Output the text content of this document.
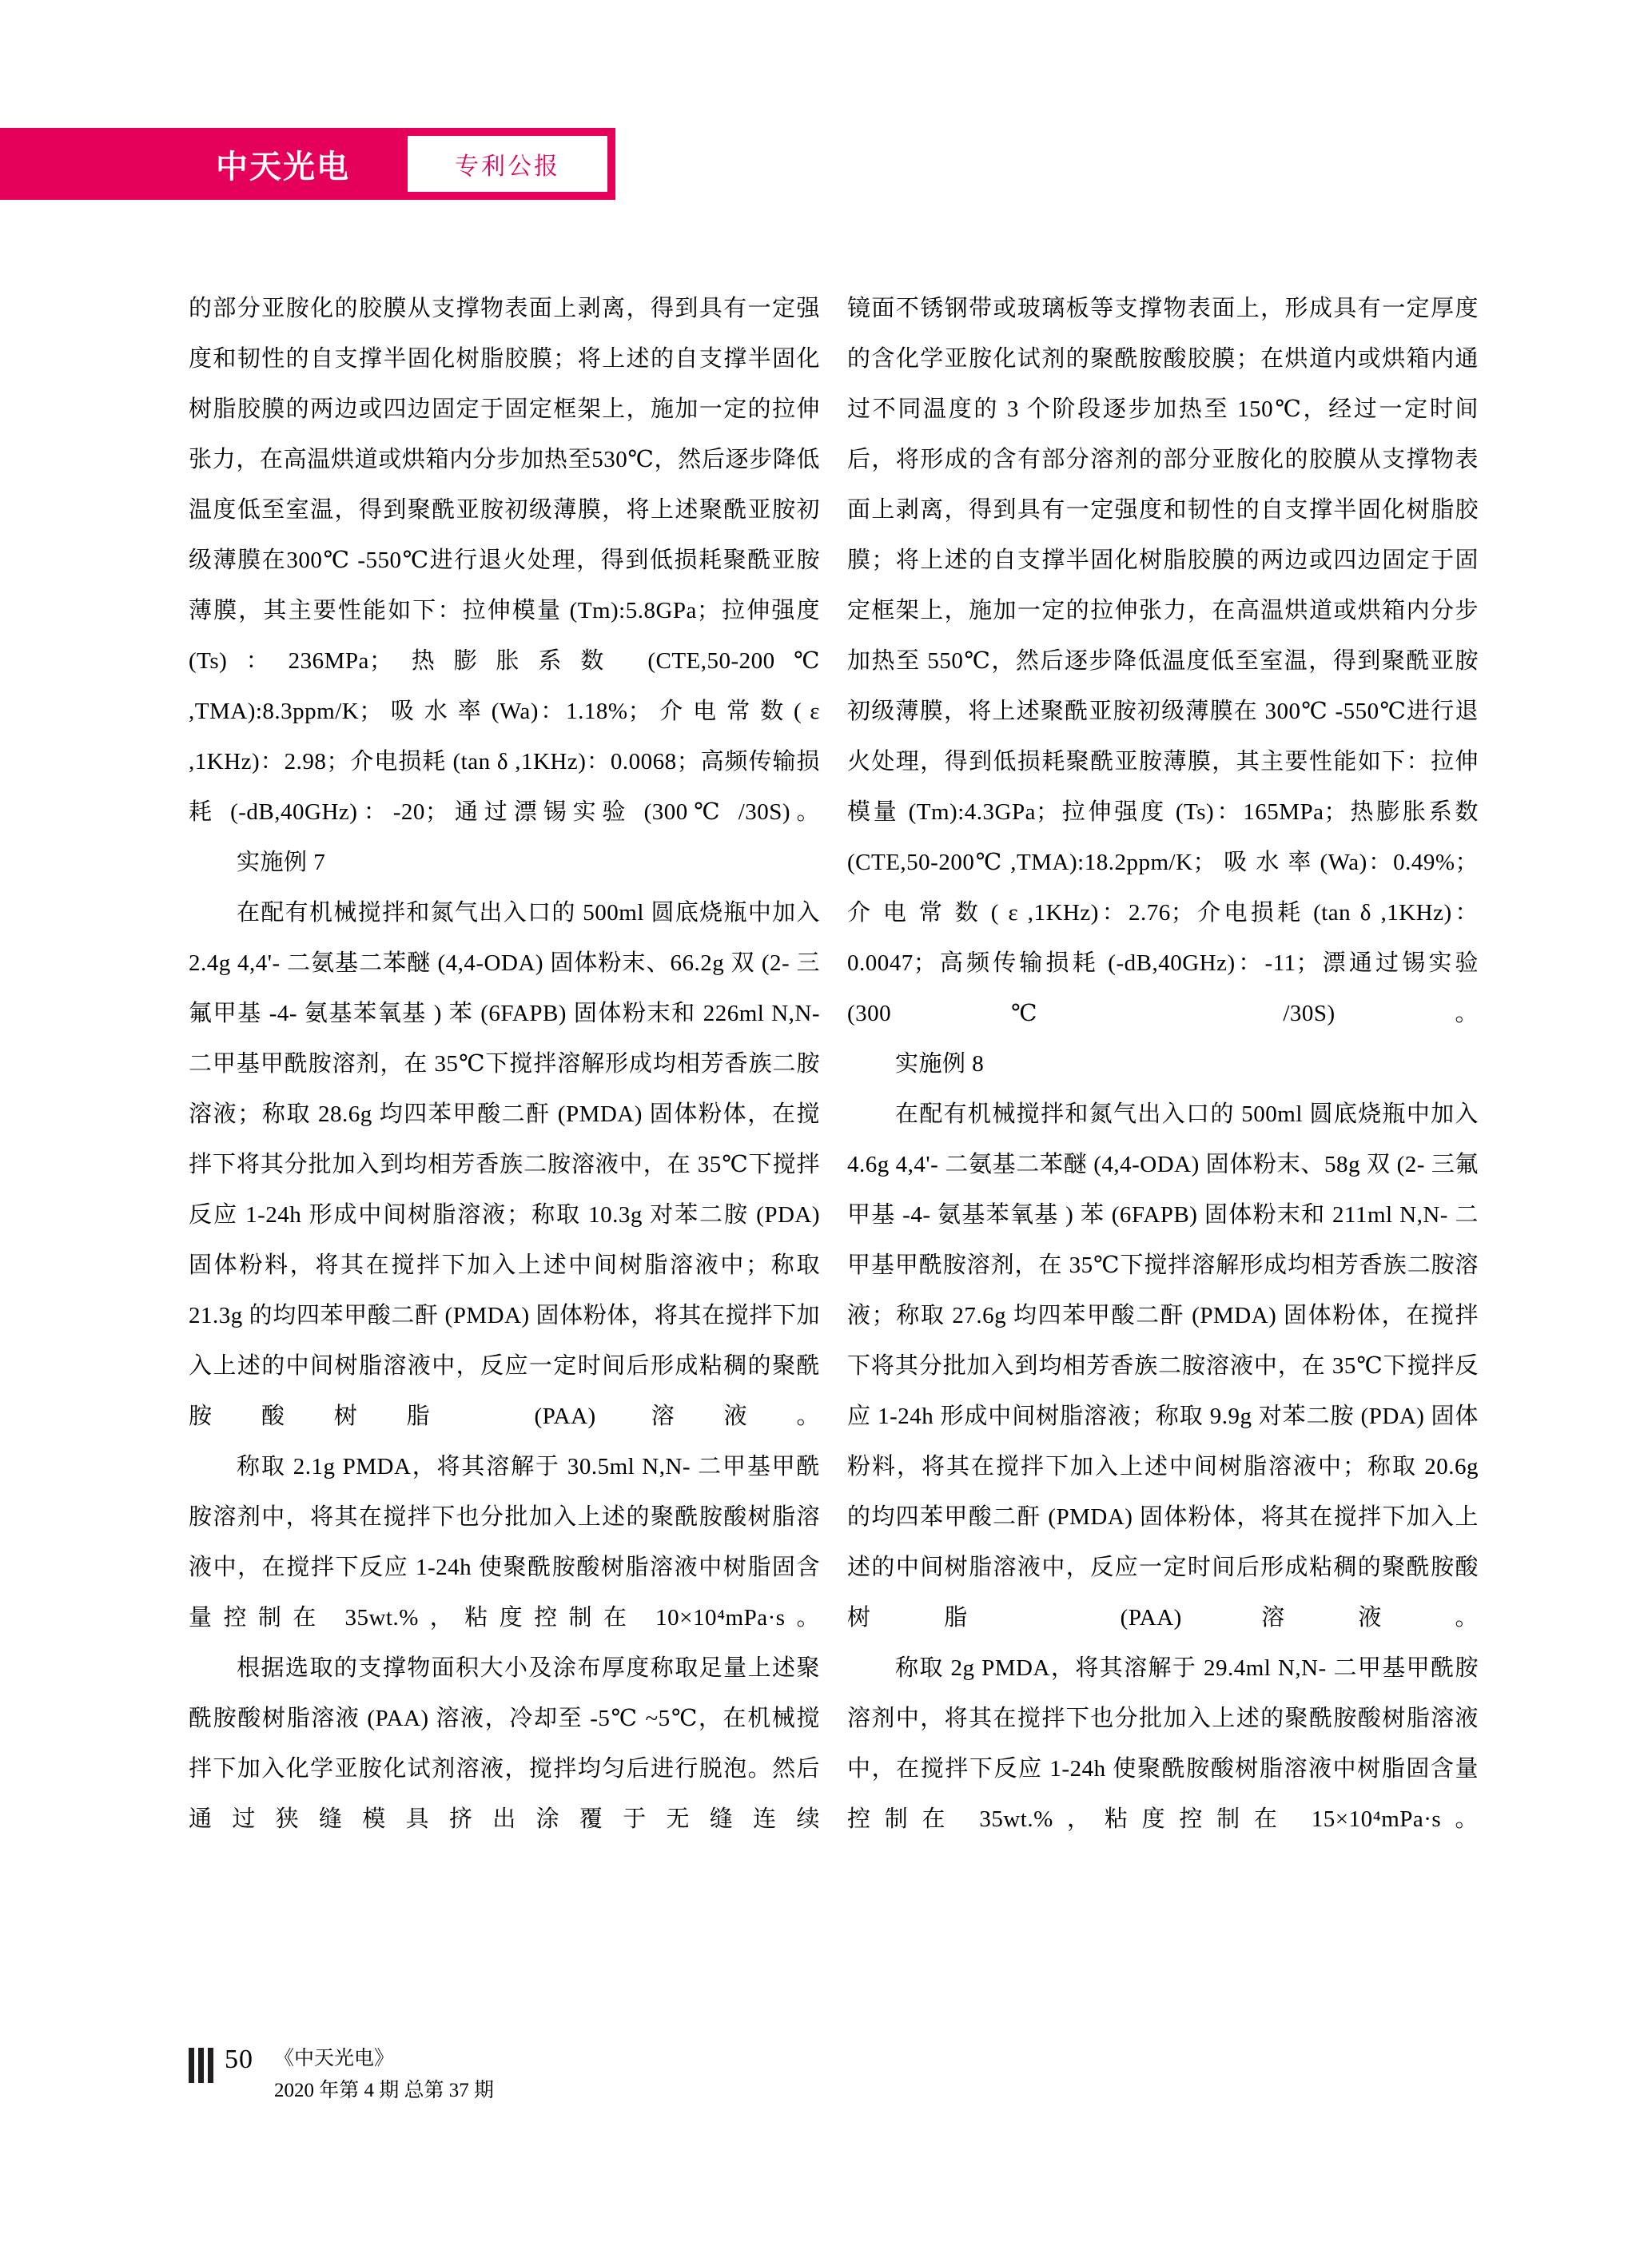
中天光电	专利公报

的部分亚胺化的胶膜从支撑物表面上剥离，得到具有一定强度和韧性的自支撑半固化树脂胶膜；将上述的自支撑半固化树脂胶膜的两边或四边固定于固定框架上，施加一定的拉伸张力，在高温烘道或烘箱内分步加热至530℃，然后逐步降低温度低至室温，得到聚酰亚胺初级薄膜，将上述聚酰亚胺初级薄膜在300℃ -550℃进行退火处理，得到低损耗聚酰亚胺薄膜，其主要性能如下：拉伸模量 (Tm):5.8GPa；拉伸强度 (Ts)：236MPa；热膨胀系数 (CTE,50-200℃ ,TMA):8.3ppm/K； 吸 水 率 (Wa)：1.18%； 介 电 常 数 ( ε ,1KHz)：2.98；介电损耗 (tan δ ,1KHz)：0.0068；高频传输损耗 (-dB,40GHz)：-20；通过漂锡实验 (300℃ /30S)。

实施例 7

在配有机械搅拌和氮气出入口的 500ml 圆底烧瓶中加入 2.4g 4,4'- 二氨基二苯醚 (4,4-ODA) 固体粉末、66.2g 双 (2- 三氟甲基 -4- 氨基苯氧基 ) 苯 (6FAPB) 固体粉末和 226ml N,N- 二甲基甲酰胺溶剂，在 35℃下搅拌溶解形成均相芳香族二胺溶液；称取 28.6g 均四苯甲酸二酐 (PMDA) 固体粉体，在搅拌下将其分批加入到均相芳香族二胺溶液中，在 35℃下搅拌反应 1-24h 形成中间树脂溶液；称取 10.3g 对苯二胺 (PDA) 固体粉料，将其在搅拌下加入上述中间树脂溶液中；称取 21.3g 的均四苯甲酸二酐 (PMDA) 固体粉体，将其在搅拌下加入上述的中间树脂溶液中，反应一定时间后形成粘稠的聚酰胺酸树脂 (PAA) 溶液。

称取 2.1g PMDA，将其溶解于 30.5ml N,N- 二甲基甲酰胺溶剂中，将其在搅拌下也分批加入上述的聚酰胺酸树脂溶液中，在搅拌下反应 1-24h 使聚酰胺酸树脂溶液中树脂固含量控制在 35wt.%，粘度控制在 10×10⁴mPa·s。

根据选取的支撑物面积大小及涂布厚度称取足量上述聚酰胺酸树脂溶液 (PAA) 溶液，冷却至 -5℃ ~5℃，在机械搅拌下加入化学亚胺化试剂溶液，搅拌均匀后进行脱泡。然后通过狭缝模具挤出涂覆于无缝连续

镜面不锈钢带或玻璃板等支撑物表面上，形成具有一定厚度的含化学亚胺化试剂的聚酰胺酸胶膜；在烘道内或烘箱内通过不同温度的 3 个阶段逐步加热至 150℃，经过一定时间后，将形成的含有部分溶剂的部分亚胺化的胶膜从支撑物表面上剥离，得到具有一定强度和韧性的自支撑半固化树脂胶膜；将上述的自支撑半固化树脂胶膜的两边或四边固定于固定框架上，施加一定的拉伸张力，在高温烘道或烘箱内分步加热至 550℃，然后逐步降低温度低至室温，得到聚酰亚胺初级薄膜，将上述聚酰亚胺初级薄膜在 300℃ -550℃进行退火处理，得到低损耗聚酰亚胺薄膜，其主要性能如下：拉伸模量 (Tm):4.3GPa；拉伸强度 (Ts)：165MPa；热膨胀系数 (CTE,50-200℃ ,TMA):18.2ppm/K； 吸 水 率 (Wa)：0.49%； 介 电 常 数 ( ε ,1KHz)：2.76；介电损耗 (tan δ ,1KHz)：0.0047；高频传输损耗 (-dB,40GHz)：-11；漂通过锡实验 (300℃ /30S)。

实施例 8

在配有机械搅拌和氮气出入口的 500ml 圆底烧瓶中加入 4.6g 4,4'- 二氨基二苯醚 (4,4-ODA) 固体粉末、58g 双 (2- 三氟甲基 -4- 氨基苯氧基 ) 苯 (6FAPB) 固体粉末和 211ml N,N- 二甲基甲酰胺溶剂，在 35℃下搅拌溶解形成均相芳香族二胺溶液；称取 27.6g 均四苯甲酸二酐 (PMDA) 固体粉体，在搅拌下将其分批加入到均相芳香族二胺溶液中，在 35℃下搅拌反应 1-24h 形成中间树脂溶液；称取 9.9g 对苯二胺 (PDA) 固体粉料，将其在搅拌下加入上述中间树脂溶液中；称取 20.6g 的均四苯甲酸二酐 (PMDA) 固体粉体，将其在搅拌下加入上述的中间树脂溶液中，反应一定时间后形成粘稠的聚酰胺酸树脂 (PAA) 溶液。

称取 2g PMDA，将其溶解于 29.4ml N,N- 二甲基甲酰胺溶剂中，将其在搅拌下也分批加入上述的聚酰胺酸树脂溶液中，在搅拌下反应 1-24h 使聚酰胺酸树脂溶液中树脂固含量控制在 35wt.%，粘度控制在 15×10⁴mPa·s。

50 《中天光电》
2020 年第 4 期 总第 37 期
